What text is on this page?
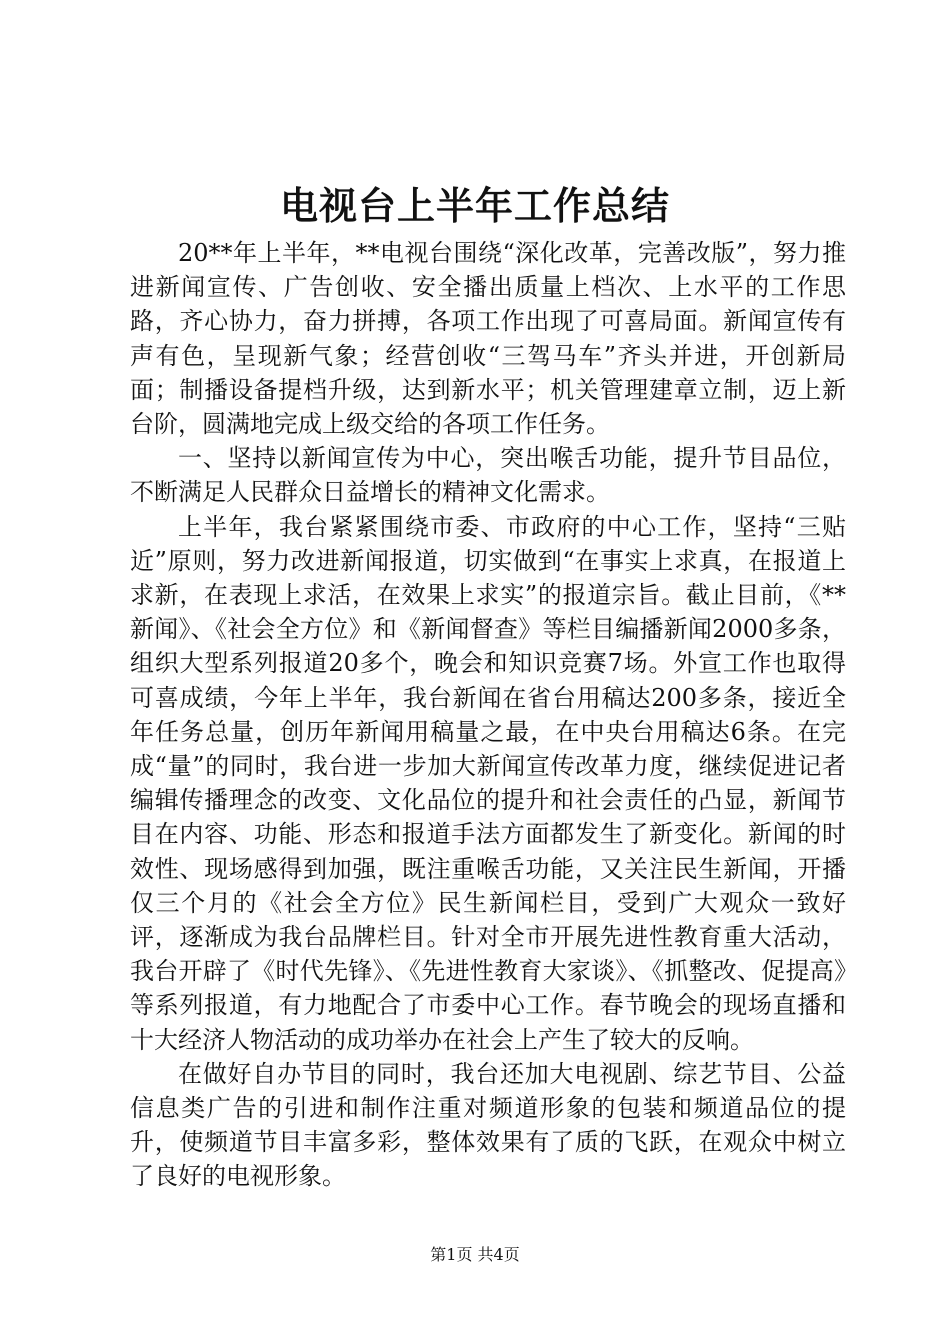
电视台上半年工作总结

20**年上半年，**电视台围绕“深化改革，完善改版”，努力推进新闻宣传、广告创收、安全播出质量上档次、上水平的工作思路，齐心协力，奋力拼搏，各项工作出现了可喜局面。新闻宣传有声有色，呈现新气象；经营创收“三驾马车”齐头并进，开创新局面；制播设备提档升级，达到新水平；机关管理建章立制，迈上新台阶，圆满地完成上级交给的各项工作任务。

一、坚持以新闻宣传为中心，突出喉舌功能，提升节目品位，不断满足人民群众日益增长的精神文化需求。

上半年，我台紧紧围绕市委、市政府的中心工作，坚持“三贴近”原则，努力改进新闻报道，切实做到“在事实上求真，在报道上求新，在表现上求活，在效果上求实”的报道宗旨。截止目前，《**新闻》、《社会全方位》和《新闻督查》等栏目编播新闻2000多条，组织大型系列报道20多个，晚会和知识竞赛7场。外宣工作也取得可喜成绩，今年上半年，我台新闻在省台用稿达200多条，接近全年任务总量，创历年新闻用稿量之最，在中央台用稿达6条。在完成“量”的同时，我台进一步加大新闻宣传改革力度，继续促进记者编辑传播理念的改变、文化品位的提升和社会责任的凸显，新闻节目在内容、功能、形态和报道手法方面都发生了新变化。新闻的时效性、现场感得到加强，既注重喉舌功能，又关注民生新闻，开播仅三个月的《社会全方位》民生新闻栏目，受到广大观众一致好评，逐渐成为我台品牌栏目。针对全市开展先进性教育重大活动，我台开辟了《时代先锋》、《先进性教育大家谈》、《抓整改、促提高》等系列报道，有力地配合了市委中心工作。春节晚会的现场直播和十大经济人物活动的成功举办在社会上产生了较大的反响。

在做好自办节目的同时，我台还加大电视剧、综艺节目、公益信息类广告的引进和制作注重对频道形象的包装和频道品位的提升，使频道节目丰富多彩，整体效果有了质的飞跃，在观众中树立了良好的电视形象。

第1页 共4页
